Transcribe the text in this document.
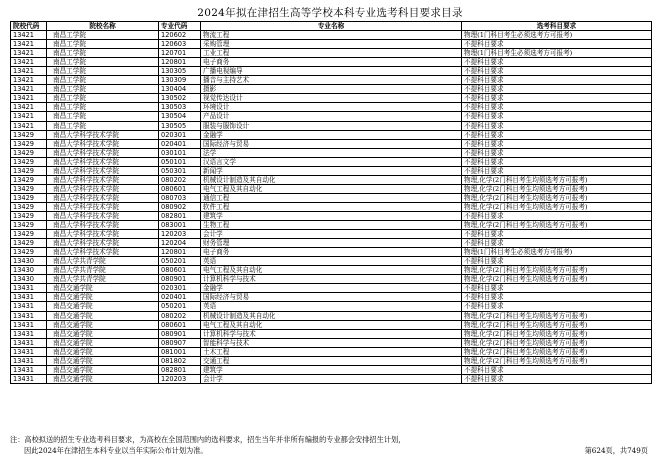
2024年拟在津招生高等学校本科专业选考科目要求目录
院校代码	院校名称	专业代码	专业名称	选考科目要求
13421	南昌工学院	120602	物流工程	物理(1门科目考生必须选考方可报考)
13421	南昌工学院	120603	采购管理	不提科目要求
13421	南昌工学院	120701	工业工程	物理(1门科目考生必须选考方可报考)
13421	南昌工学院	120801	电子商务	不提科目要求
13421	南昌工学院	130305	广播电视编导	不提科目要求
13421	南昌工学院	130309	播音与主持艺术	不提科目要求
13421	南昌工学院	130404	摄影	不提科目要求
13421	南昌工学院	130502	视觉传达设计	不提科目要求
13421	南昌工学院	130503	环境设计	不提科目要求
13421	南昌工学院	130504	产品设计	不提科目要求
13421	南昌工学院	130505	服装与服饰设计	不提科目要求
13429	南昌大学科学技术学院	020301	金融学	不提科目要求
13429	南昌大学科学技术学院	020401	国际经济与贸易	不提科目要求
13429	南昌大学科学技术学院	030101	法学	不提科目要求
13429	南昌大学科学技术学院	050101	汉语言文学	不提科目要求
13429	南昌大学科学技术学院	050301	新闻学	不提科目要求
13429	南昌大学科学技术学院	080202	机械设计制造及其自动化	物理,化学(2门科目考生均须选考方可报考)
13429	南昌大学科学技术学院	080601	电气工程及其自动化	物理,化学(2门科目考生均须选考方可报考)
13429	南昌大学科学技术学院	080703	通信工程	物理,化学(2门科目考生均须选考方可报考)
13429	南昌大学科学技术学院	080902	软件工程	物理,化学(2门科目考生均须选考方可报考)
13429	南昌大学科学技术学院	082801	建筑学	不提科目要求
13429	南昌大学科学技术学院	083001	生物工程	物理,化学(2门科目考生均须选考方可报考)
13429	南昌大学科学技术学院	120203	会计学	不提科目要求
13429	南昌大学科学技术学院	120204	财务管理	不提科目要求
13429	南昌大学科学技术学院	120801	电子商务	物理(1门科目考生必须选考方可报考)
13430	南昌大学共青学院	050201	英语	不提科目要求
13430	南昌大学共青学院	080601	电气工程及其自动化	物理,化学(2门科目考生均须选考方可报考)
13430	南昌大学共青学院	080901	计算机科学与技术	物理,化学(2门科目考生均须选考方可报考)
13431	南昌交通学院	020301	金融学	不提科目要求
13431	南昌交通学院	020401	国际经济与贸易	不提科目要求
13431	南昌交通学院	050201	英语	不提科目要求
13431	南昌交通学院	080202	机械设计制造及其自动化	物理,化学(2门科目考生均须选考方可报考)
13431	南昌交通学院	080601	电气工程及其自动化	物理,化学(2门科目考生均须选考方可报考)
13431	南昌交通学院	080901	计算机科学与技术	物理,化学(2门科目考生均须选考方可报考)
13431	南昌交通学院	080907	智能科学与技术	物理,化学(2门科目考生均须选考方可报考)
13431	南昌交通学院	081001	土木工程	物理,化学(2门科目考生均须选考方可报考)
13431	南昌交通学院	081802	交通工程	物理,化学(2门科目考生均须选考方可报考)
13431	南昌交通学院	082801	建筑学	不提科目要求
13431	南昌交通学院	120203	会计学	不提科目要求
注：高校拟送的招生专业选考科目要求，为高校在全国范围内的选科要求，招生当年并非所有编报的专业都会安排招生计划，
因此2024年在津招生本科专业以当年实际公布计划为准。	第624页，共749页
